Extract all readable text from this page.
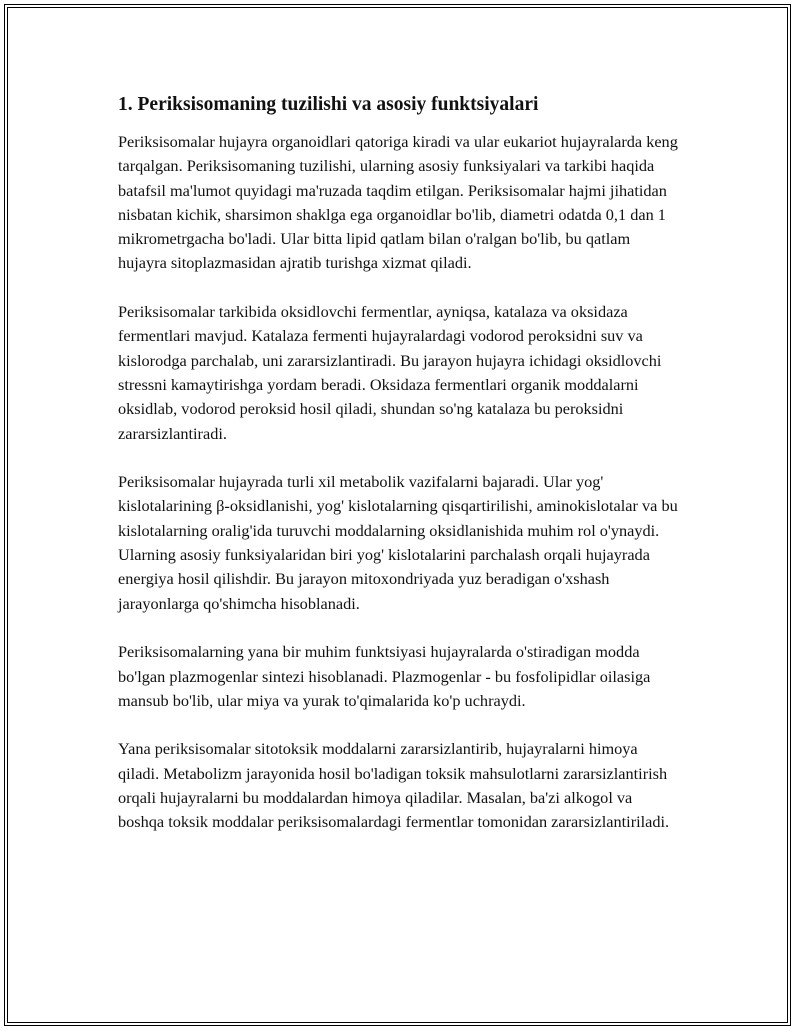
1. Periksisomaning tuzilishi va asosiy funktsiyalari

Periksisomalar hujayra organoidlari qatoriga kiradi va ular eukariot hujayralarda keng tarqalgan. Periksisomaning tuzilishi, ularning asosiy funksiyalari va tarkibi haqida batafsil ma'lumot quyidagi ma'ruzada taqdim etilgan. Periksisomalar hajmi jihatidan nisbatan kichik, sharsimon shaklga ega organoidlar bo'lib, diametri odatda 0,1 dan 1 mikrometrgacha bo'ladi. Ular bitta lipid qatlam bilan o'ralgan bo'lib, bu qatlam hujayra sitoplazmasidan ajratib turishga xizmat qiladi.

Periksisomalar tarkibida oksidlovchi fermentlar, ayniqsa, katalaza va oksidaza fermentlari mavjud. Katalaza fermenti hujayralardagi vodorod peroksidni suv va kislorodga parchalab, uni zararsizlantiradi. Bu jarayon hujayra ichidagi oksidlovchi stressni kamaytirishga yordam beradi. Oksidaza fermentlari organik moddalarni oksidlab, vodorod peroksid hosil qiladi, shundan so'ng katalaza bu peroksidni zararsizlantiradi.

Periksisomalar hujayrada turli xil metabolik vazifalarni bajaradi. Ular yog' kislotalarining β-oksidlanishi, yog' kislotalarning qisqartirilishi, aminokislotalar va bu kislotalarning oralig'ida turuvchi moddalarning oksidlanishida muhim rol o'ynaydi. Ularning asosiy funksiyalaridan biri yog' kislotalarini parchalash orqali hujayrada energiya hosil qilishdir. Bu jarayon mitoxondriyada yuz beradigan o'xshash jarayonlarga qo'shimcha hisoblanadi.

Periksisomalarning yana bir muhim funktsiyasi hujayralarda o'stiradigan modda bo'lgan plazmogenlar sintezi hisoblanadi. Plazmogenlar - bu fosfolipidlar oilasiga mansub bo'lib, ular miya va yurak to'qimalarida ko'p uchraydi.

Yana periksisomalar sitotoksik moddalarni zararsizlantirib, hujayralarni himoya qiladi. Metabolizm jarayonida hosil bo'ladigan toksik mahsulotlarni zararsizlantirish orqali hujayralarni bu moddalardan himoya qiladilar. Masalan, ba'zi alkogol va boshqa toksik moddalar periksisomalardagi fermentlar tomonidan zararsizlantiriladi.
